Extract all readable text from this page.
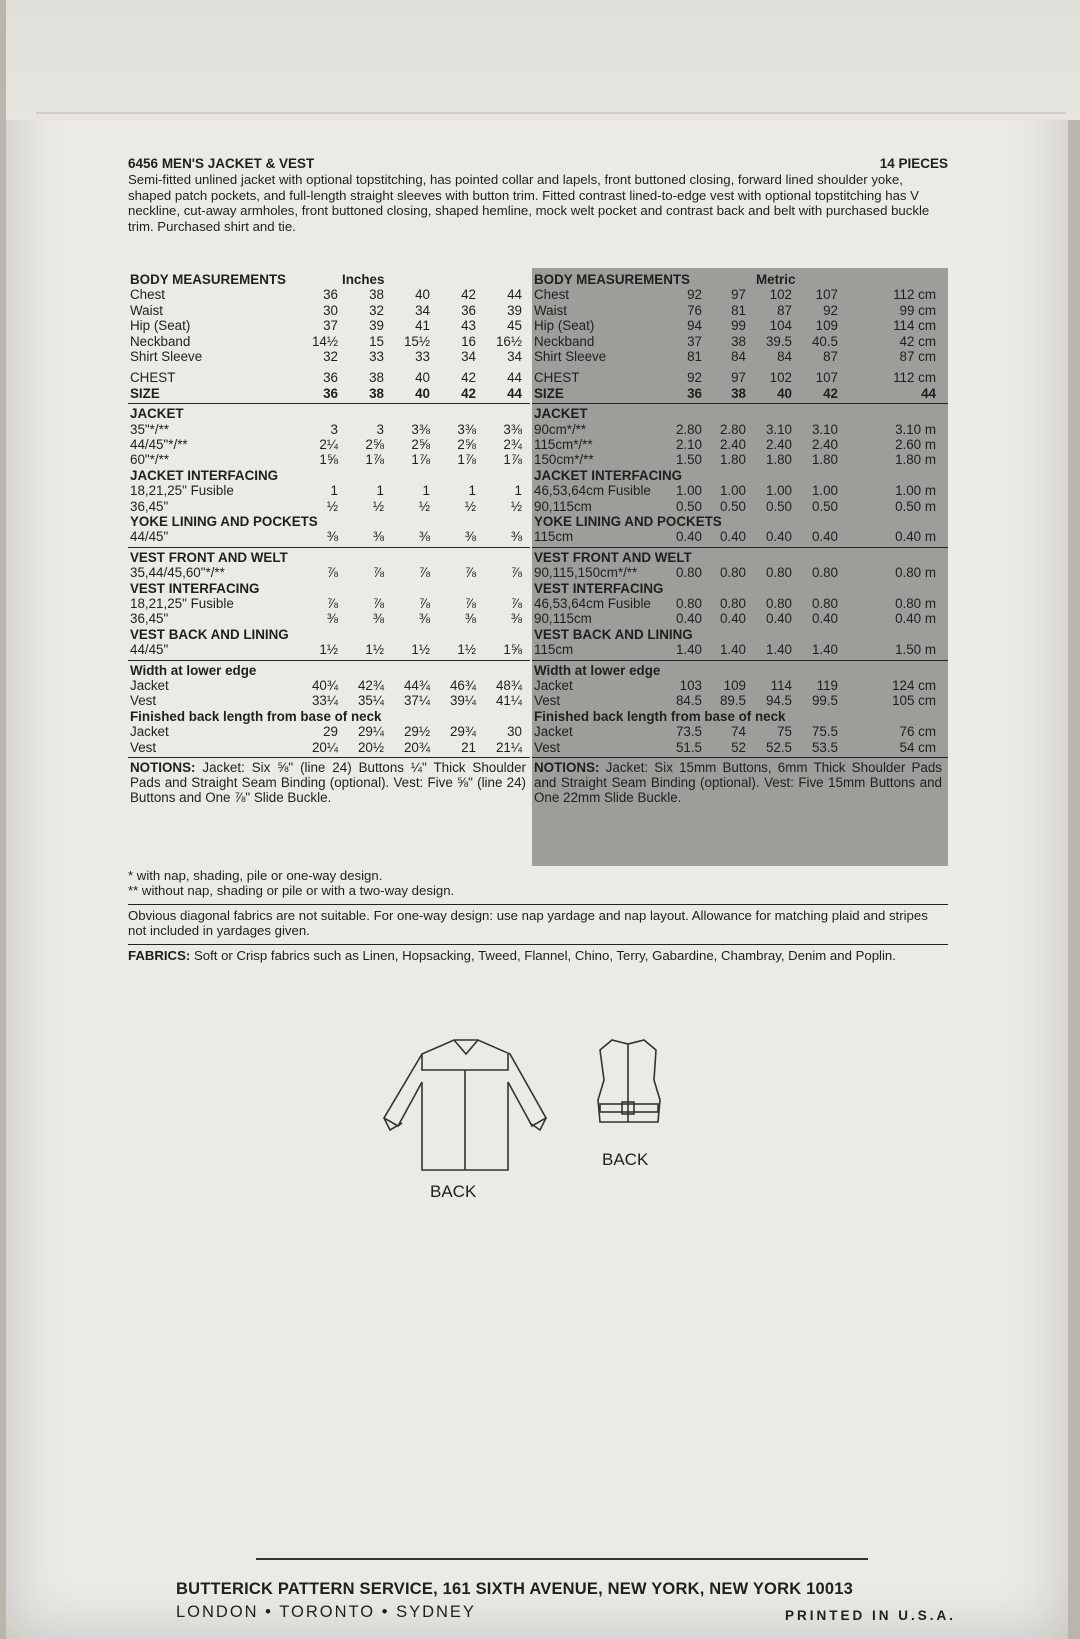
6456 MEN'S JACKET & VEST	14 PIECES
Semi-fitted unlined jacket with optional topstitching, has pointed collar and lapels, front buttoned closing, forward lined shoulder yoke, shaped patch pockets, and full-length straight sleeves with button trim. Fitted contrast lined-to-edge vest with optional topstitching has V neckline, cut-away armholes, front buttoned closing, shaped hemline, mock welt pocket and contrast back and belt with purchased buckle trim. Purchased shirt and tie.
BODY MEASUREMENTS	Inches
Chest	36 38 40 42 44
Waist	30 32 34 36 39
Hip (Seat)	37 39 41 43 45
Neckband	14½ 15 15½ 16 16½
Shirt Sleeve	32 33 33 34 34
CHEST	36 38 40 42 44
SIZE	36 38 40 42 44
JACKET
35"*/**	3	3 3⅜ 3⅜ 3⅜
44/45"*/**	2¼ 2⅝ 2⅝ 2⅝ 2¾
60"*/**	1⅝ 1⅞ 1⅞ 1⅞ 1⅞
JACKET INTERFACING
18,21,25" Fusible	1	1	1	1	1
36,45"	½	½	½	½	½
YOKE LINING AND POCKETS
44/45"	⅜	⅜	⅜	⅜	⅜
VEST FRONT AND WELT
35,44/45,60"*/**	⅞	⅞	⅞	⅞	⅞
VEST INTERFACING
18,21,25" Fusible	⅞	⅞	⅞	⅞	⅞
36,45"	⅜	⅜	⅜	⅜	⅜
VEST BACK AND LINING
44/45"	1½ 1½ 1½ 1½ 1⅝
Width at lower edge
Jacket	40¾ 42¾ 44¾ 46¾ 48¾
Vest	33¼ 35¼ 37¼ 39¼ 41¼
Finished back length from base of neck
Jacket	29 29¼ 29½ 29¾ 30
Vest	20¼ 20½ 20¾ 21 21¼
NOTIONS: Jacket: Six ⅝" (line 24) Buttons ¼" Thick Shoulder Pads and Straight Seam Binding (optional). Vest: Five ⅝" (line 24) Buttons and One ⅞" Slide Buckle.
BODY MEASUREMENTS	Metric
Chest	92 97 102 107	112 cm
Waist	76 81 87 92	99 cm
Hip (Seat)	94 99 104 109	114 cm
Neckband	37 38 39.5 40.5	42 cm
Shirt Sleeve	81 84 84 87	87 cm
CHEST	92 97 102 107	112 cm
SIZE	36 38 40 42	44
JACKET
90cm*/**	2.80 2.80 3.10 3.10	3.10 m
115cm*/**	2.10 2.40 2.40 2.40	2.60 m
150cm*/**	1.50 1.80 1.80 1.80	1.80 m
JACKET INTERFACING
46,53,64cm Fusible 1.00 1.00 1.00 1.00	1.00 m
90,115cm	0.50 0.50 0.50 0.50	0.50 m
YOKE LINING AND POCKETS
115cm	0.40 0.40 0.40 0.40	0.40 m
VEST FRONT AND WELT
90,115,150cm*/**	0.80 0.80 0.80 0.80	0.80 m
VEST INTERFACING
46,53,64cm Fusible 0.80 0.80 0.80 0.80	0.80 m
90,115cm	0.40 0.40 0.40 0.40	0.40 m
VEST BACK AND LINING
115cm	1.40 1.40 1.40 1.40	1.50 m
Width at lower edge
Jacket	103 109 114 119	124 cm
Vest	84.5 89.5 94.5 99.5	105 cm
Finished back length from base of neck
Jacket	73.5 74 75 75.5	76 cm
Vest	51.5 52 52.5 53.5	54 cm
NOTIONS: Jacket: Six 15mm Buttons, 6mm Thick Shoulder Pads and Straight Seam Binding (optional). Vest: Five 15mm Buttons and One 22mm Slide Buckle.
* with nap, shading, pile or one-way design.
** without nap, shading or pile or with a two-way design.
Obvious diagonal fabrics are not suitable. For one-way design: use nap yardage and nap layout. Allowance for matching plaid and stripes not included in yardages given.
FABRICS: Soft or Crisp fabrics such as Linen, Hopsacking, Tweed, Flannel, Chino, Terry, Gabardine, Chambray, Denim and Poplin.
BACK
BACK
BUTTERICK PATTERN SERVICE, 161 SIXTH AVENUE, NEW YORK, NEW YORK 10013
LONDON • TORONTO • SYDNEY	PRINTED IN U.S.A.
